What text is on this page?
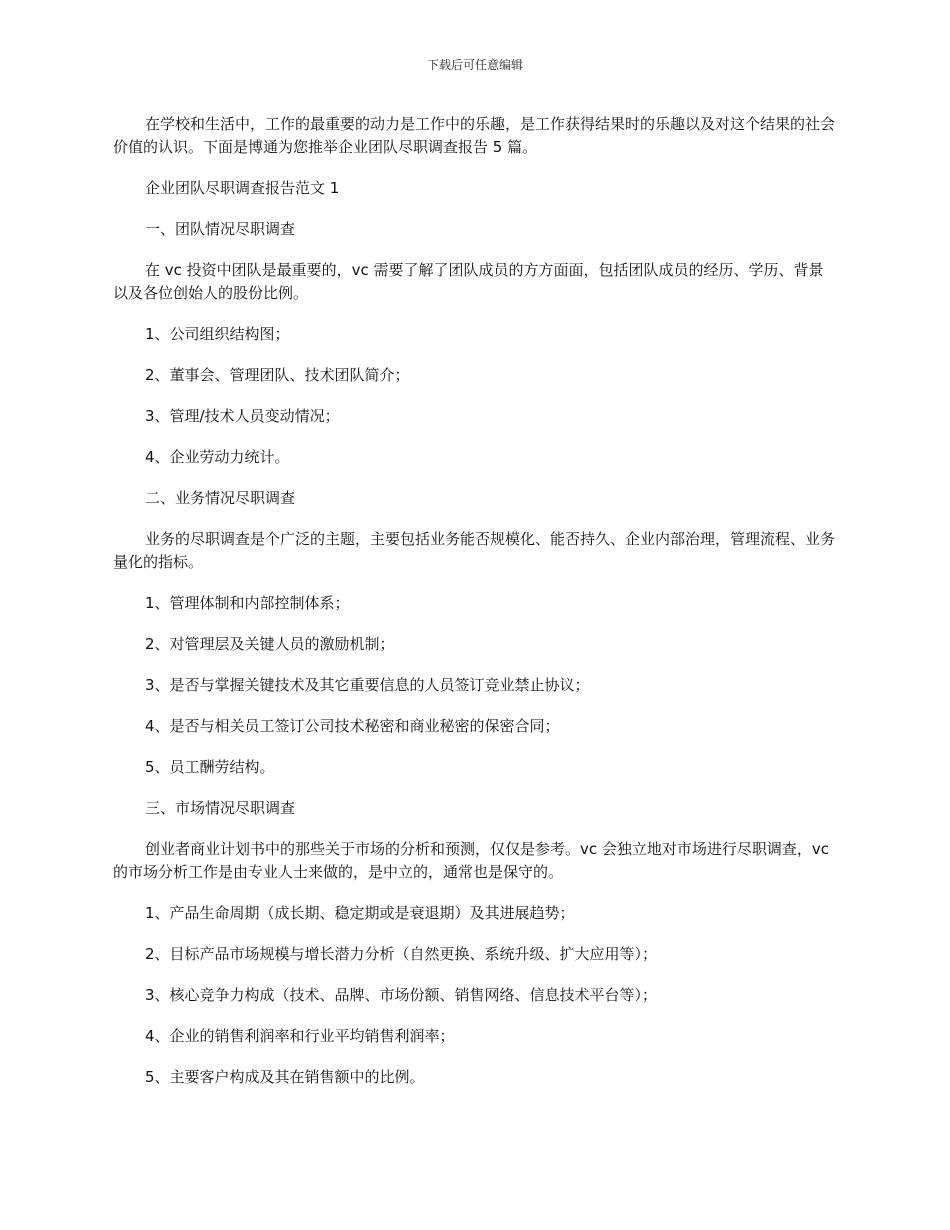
下载后可任意编辑

在学校和生活中，工作的最重要的动力是工作中的乐趣，是工作获得结果时的乐趣以及对这个结果的社会价值的认识。下面是博通为您推举企业团队尽职调查报告 5 篇。

企业团队尽职调查报告范文 1

一、团队情况尽职调查

在 vc 投资中团队是最重要的，vc 需要了解了团队成员的方方面面，包括团队成员的经历、学历、背景以及各位创始人的股份比例。

1、公司组织结构图；

2、董事会、管理团队、技术团队简介；

3、管理/技术人员变动情况；

4、企业劳动力统计。

二、业务情况尽职调查

业务的尽职调查是个广泛的主题，主要包括业务能否规模化、能否持久、企业内部治理，管理流程、业务量化的指标。

1、管理体制和内部控制体系；

2、对管理层及关键人员的激励机制；

3、是否与掌握关键技术及其它重要信息的人员签订竞业禁止协议；

4、是否与相关员工签订公司技术秘密和商业秘密的保密合同；

5、员工酬劳结构。

三、市场情况尽职调查

创业者商业计划书中的那些关于市场的分析和预测，仅仅是参考。vc 会独立地对市场进行尽职调查，vc 的市场分析工作是由专业人士来做的，是中立的，通常也是保守的。

1、产品生命周期（成长期、稳定期或是衰退期）及其进展趋势；

2、目标产品市场规模与增长潜力分析（自然更换、系统升级、扩大应用等）；

3、核心竞争力构成（技术、品牌、市场份额、销售网络、信息技术平台等）；

4、企业的销售利润率和行业平均销售利润率；

5、主要客户构成及其在销售额中的比例。
